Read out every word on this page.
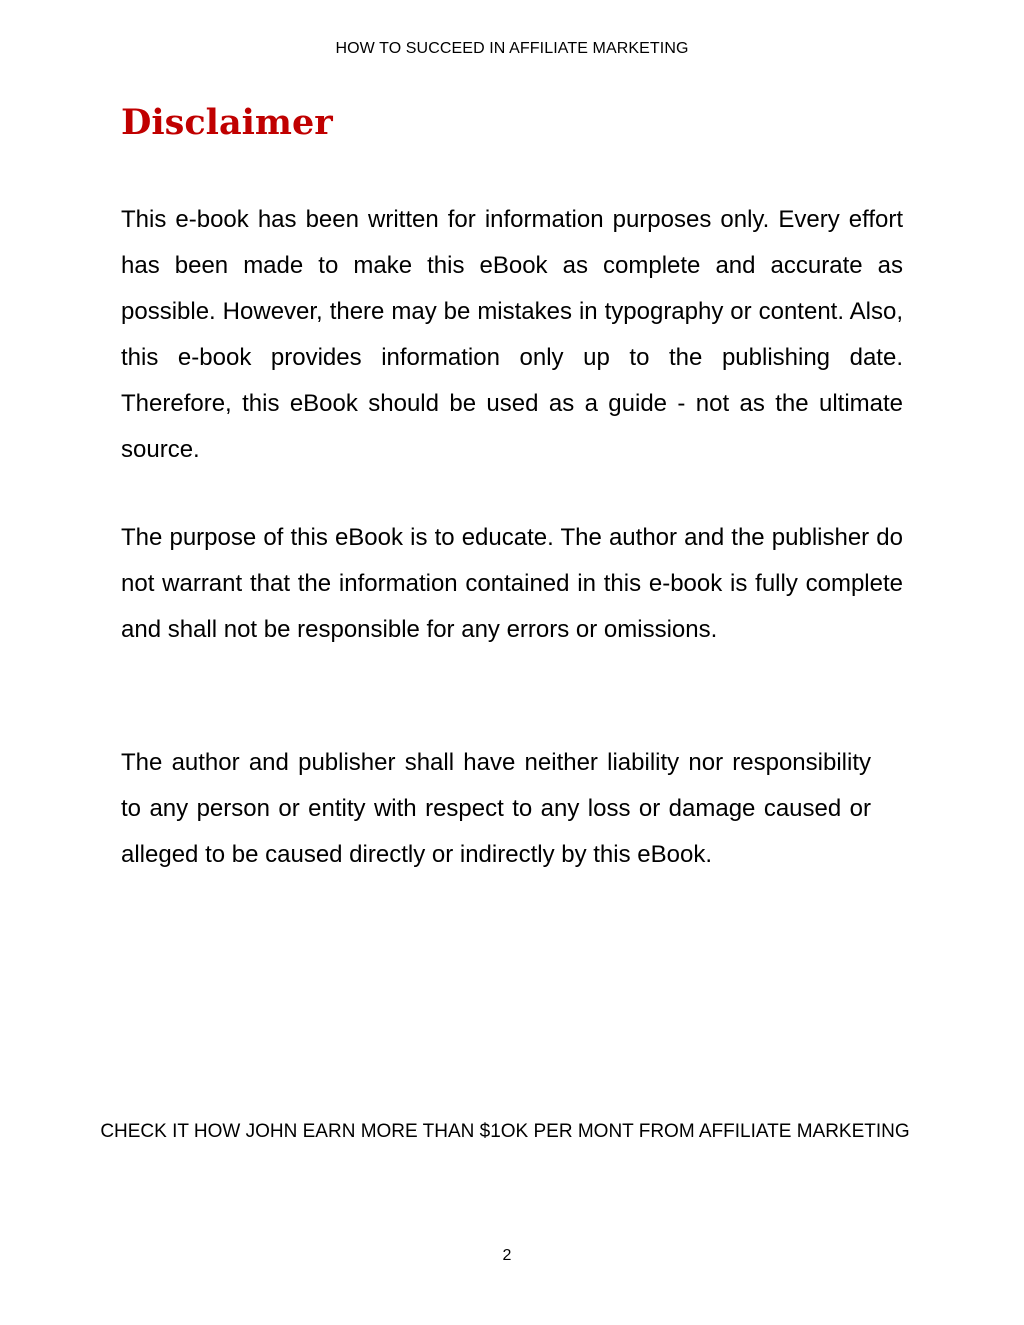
HOW TO SUCCEED IN AFFILIATE MARKETING
Disclaimer

This e-book has been written for information purposes only. Every effort has been made to make this eBook as complete and accurate as possible. However, there may be mistakes in typography or content. Also, this e-book provides information only up to the publishing date. Therefore, this eBook should be used as a guide - not as the ultimate source.

The purpose of this eBook is to educate. The author and the publisher do not warrant that the information contained in this e-book is fully complete and shall not be responsible for any errors or omissions.

The author and publisher shall have neither liability nor responsibility to any person or entity with respect to any loss or damage caused or alleged to be caused directly or indirectly by this eBook.

CHECK IT HOW JOHN EARN MORE THAN $1OK PER MONT FROM AFFILIATE MARKETING
2
